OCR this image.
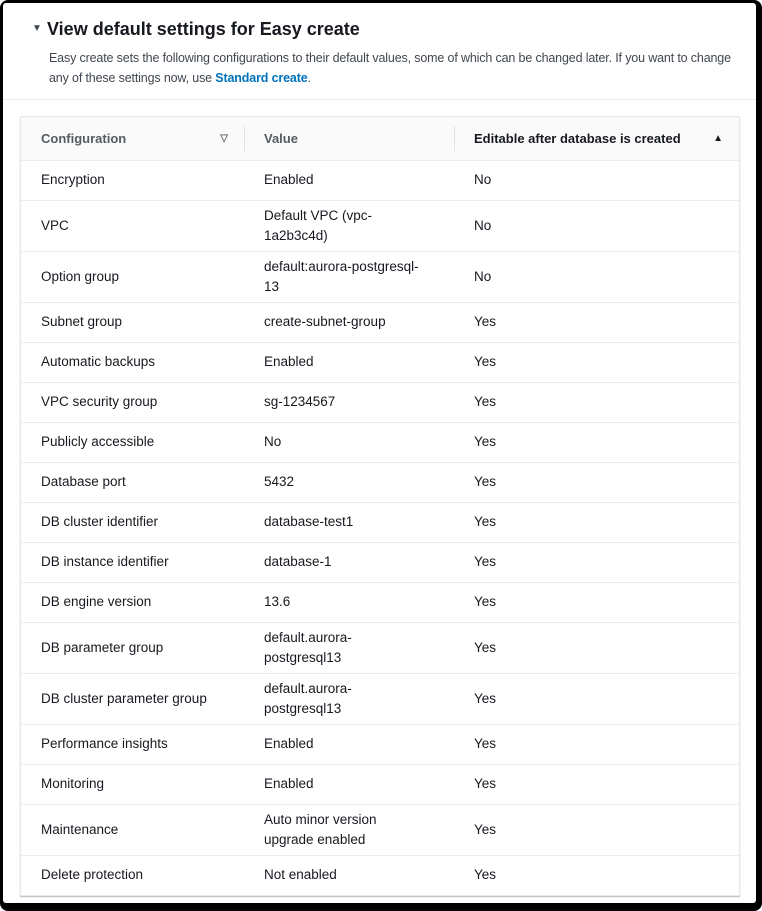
▼ View default settings for Easy create
Easy create sets the following configurations to their default values, some of which can be changed later. If you want to change
any of these settings now, use Standard create.
Configuration ▽	Value	Editable after database is created ▲

Encryption	Enabled	No
VPC	Default VPC (vpc-
1a2b3c4d)	No
Option group	default:aurora-postgresql-
13	No
Subnet group	create-subnet-group	Yes
Automatic backups	Enabled	Yes
VPC security group	sg-1234567	Yes
Publicly accessible	No	Yes
Database port	5432	Yes
DB cluster identifier	database-test1	Yes
DB instance identifier	database-1	Yes
DB engine version	13.6	Yes
DB parameter group	default.aurora-
postgresql13	Yes
DB cluster parameter group	default.aurora-
postgresql13	Yes
Performance insights	Enabled	Yes
Monitoring	Enabled	Yes
Maintenance	Auto minor version
upgrade enabled	Yes
Delete protection	Not enabled	Yes
